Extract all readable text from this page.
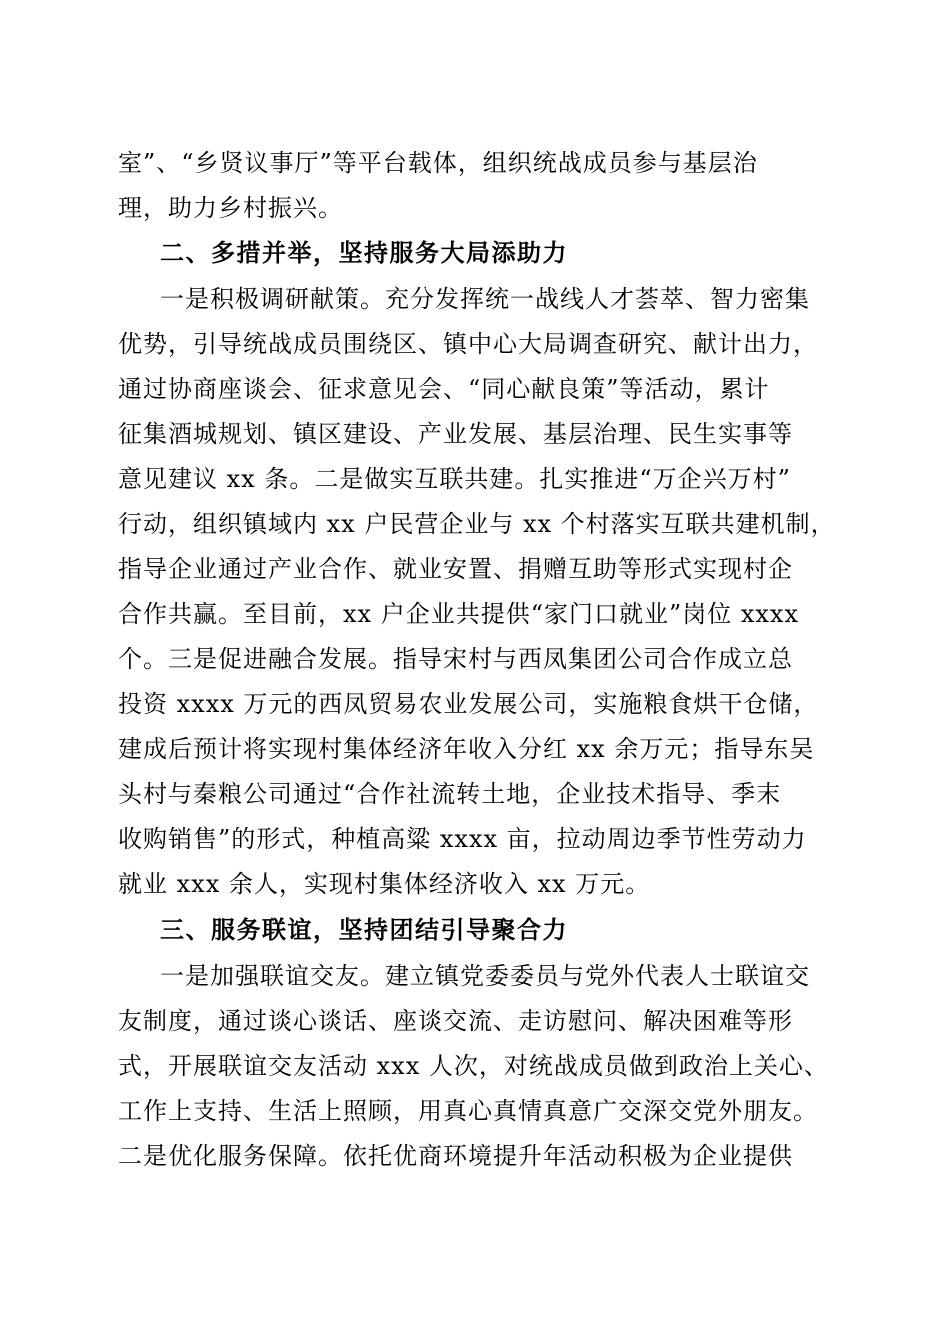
室”、“乡贤议事厅”等平台载体，组织统战成员参与基层治
理，助力乡村振兴。
二、多措并举，坚持服务大局添助力
一是积极调研献策。充分发挥统一战线人才荟萃、智力密集
优势，引导统战成员围绕区、镇中心大局调查研究、献计出力，
通过协商座谈会、征求意见会、“同心献良策”等活动，累计
征集酒城规划、镇区建设、产业发展、基层治理、民生实事等
意见建议 xx 条。二是做实互联共建。扎实推进“万企兴万村”
行动，组织镇域内 xx 户民营企业与 xx 个村落实互联共建机制，
指导企业通过产业合作、就业安置、捐赠互助等形式实现村企
合作共赢。至目前，xx 户企业共提供“家门口就业”岗位 xxxx
个。三是促进融合发展。指导宋村与西凤集团公司合作成立总
投资 xxxx 万元的西凤贸易农业发展公司，实施粮食烘干仓储，
建成后预计将实现村集体经济年收入分红 xx 余万元；指导东吴
头村与秦粮公司通过“合作社流转土地，企业技术指导、季末
收购销售”的形式，种植高粱 xxxx 亩，拉动周边季节性劳动力
就业 xxx 余人，实现村集体经济收入 xx 万元。
三、服务联谊，坚持团结引导聚合力
一是加强联谊交友。建立镇党委委员与党外代表人士联谊交
友制度，通过谈心谈话、座谈交流、走访慰问、解决困难等形
式，开展联谊交友活动 xxx 人次，对统战成员做到政治上关心、
工作上支持、生活上照顾，用真心真情真意广交深交党外朋友。
二是优化服务保障。依托优商环境提升年活动积极为企业提供
